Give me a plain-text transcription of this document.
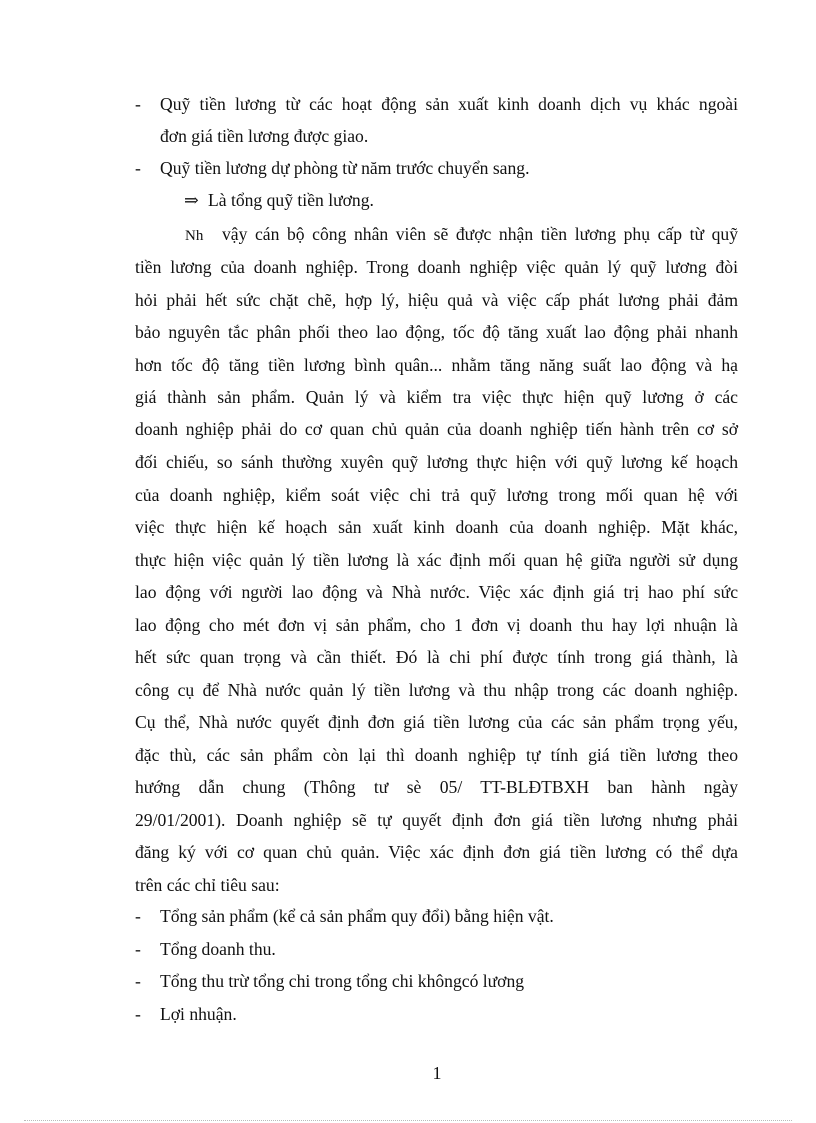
- Quỹ tiền lương từ các hoạt động sản xuất kinh doanh dịch vụ khác ngoài
đơn giá tiền lương được giao.
- Quỹ tiền lương dự phòng từ năm trước chuyển sang.
⇒ Là tổng quỹ tiền lương.
Nh vậy cán bộ công nhân viên sẽ được nhận tiền lương phụ cấp từ quỹ
tiền lương của doanh nghiệp. Trong doanh nghiệp việc quản lý quỹ lương đòi
hỏi phải hết sức chặt chẽ, hợp lý, hiệu quả và việc cấp phát lương phải đảm
bảo nguyên tắc phân phối theo lao động, tốc độ tăng xuất lao động phải nhanh
hơn tốc độ tăng tiền lương bình quân... nhằm tăng năng suất lao động và hạ
giá thành sản phẩm. Quản lý và kiểm tra việc thực hiện quỹ lương ở các
doanh nghiệp phải do cơ quan chủ quản của doanh nghiệp tiến hành trên cơ sở
đối chiếu, so sánh thường xuyên quỹ lương thực hiện với quỹ lương kế hoạch
của doanh nghiệp, kiểm soát việc chi trả quỹ lương trong mối quan hệ với
việc thực hiện kế hoạch sản xuất kinh doanh của doanh nghiệp. Mặt khác,
thực hiện việc quản lý tiền lương là xác định mối quan hệ giữa người sử dụng
lao động với người lao động và Nhà nước. Việc xác định giá trị hao phí sức
lao động cho mét đơn vị sản phẩm, cho 1 đơn vị doanh thu hay lợi nhuận là
hết sức quan trọng và cần thiết. Đó là chi phí được tính trong giá thành, là
công cụ để Nhà nước quản lý tiền lương và thu nhập trong các doanh nghiệp.
Cụ thể, Nhà nước quyết định đơn giá tiền lương của các sản phẩm trọng yếu,
đặc thù, các sản phẩm còn lại thì doanh nghiệp tự tính giá tiền lương theo
hướng dẫn chung (Thông tư sè 05/ TT-BLĐTBXH ban hành ngày
29/01/2001). Doanh nghiệp sẽ tự quyết định đơn giá tiền lương nhưng phải
đăng ký với cơ quan chủ quản. Việc xác định đơn giá tiền lương có thể dựa
trên các chỉ tiêu sau:
- Tổng sản phẩm (kể cả sản phẩm quy đổi) bằng hiện vật.
- Tổng doanh thu.
- Tổng thu trừ tổng chi trong tổng chi khôngcó lương
- Lợi nhuận.
1
